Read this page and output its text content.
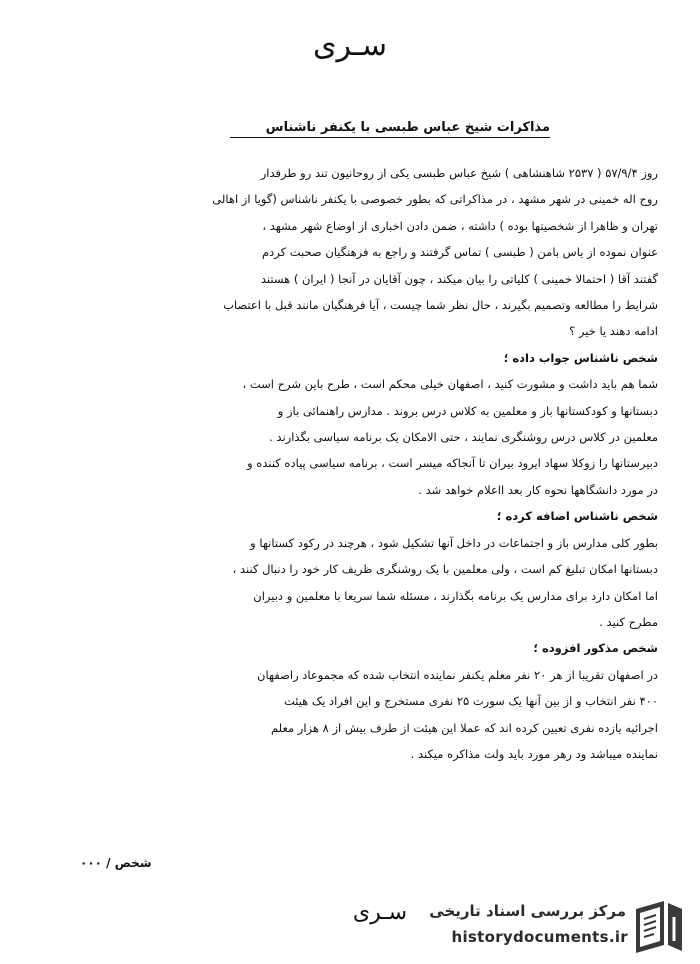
سـری
مذاکرات شیخ عباس طبسی با یکنفر ناشناس
روز ۵۷/۹/۴ ( ۲۵۳۷ شاهنشاهی ) شیخ عباس طبسی یکی از روحانیون تند رو طرفدار
روح اله خمینی در شهر مشهد ، در مذاکراتی که بطور خصوصی با یکنفر ناشناس (گویا از اهالی
تهران و ظاهرا از شخصیتها بوده ) داشته ، ضمن دادن اخباری از اوضاع شهر مشهد ،
عنوان نموده از یاس بامن ( طبسی ) تماس گرفتند و راجع به فرهنگیان صحبت کردم
گفتند آقا ( احتمالا خمینی ) کلیاتی را بیان میکند ، چون آقایان در آنجا ( ایران ) هستند
شرایط را مطالعه وتصمیم بگیرند ، حال نظر شما چیست ، آیا فرهنگیان مانند قبل با اعتصاب
ادامه دهند یا خیر ؟
شخص ناشناس جواب داده ؛
شما هم باید داشت و مشورت کنید ، اصفهان خیلی محکم است ، طرح باین شرح است ،
دبستانها و کودکستانها باز و معلمین به کلاس درس بروند . مدارس راهنمائی باز و
معلمین در کلاس درس روشنگری نمایند ، حتی الامکان یک برنامه سیاسی بگذارند .
دبیرستانها را زوکلا سهاد ایرود بیران تا آنجاکه میسر است ، برنامه سیاسی پیاده کننده و
در مورد دانشگاهها نحوه کار بعد ااعلام خواهد شد .
شخص ناشناس اضافه کرده ؛
بطور کلی مدارس باز و اجتماعات در داخل آنها تشکیل شود ، هرچند در رکود کستانها و
دبستانها امکان تبلیغ کم است ، ولی معلمین با یک روشنگری ظریف کار خود را دنبال کنند ،
اما امکان دارد برای مدارس یک برنامه بگذارند ، مسئله شما سریعا با معلمین و دبیران
مطرح کنید .
شخص مذکور افزوده ؛
در اصفهان تقریبا از هر ۲۰ نفر معلم یکنفر نماینده انتخاب شده که مجموعاد راصفهان
۴۰۰ نفر انتخاب و از بین آنها یک سورت ۲۵ نفری مستخرج و این افراد یک هیئت
اجرائیه یازده نفری تعیین کرده اند که عملا این هیئت از طرف بیش از ۸ هزار معلم
نماینده میباشد ود رهر مورد باید ولت مذاکره میکند .
شخص / ۰۰۰
سـری	مرکز بررسی اسناد تاریخی
historydocuments.ir
